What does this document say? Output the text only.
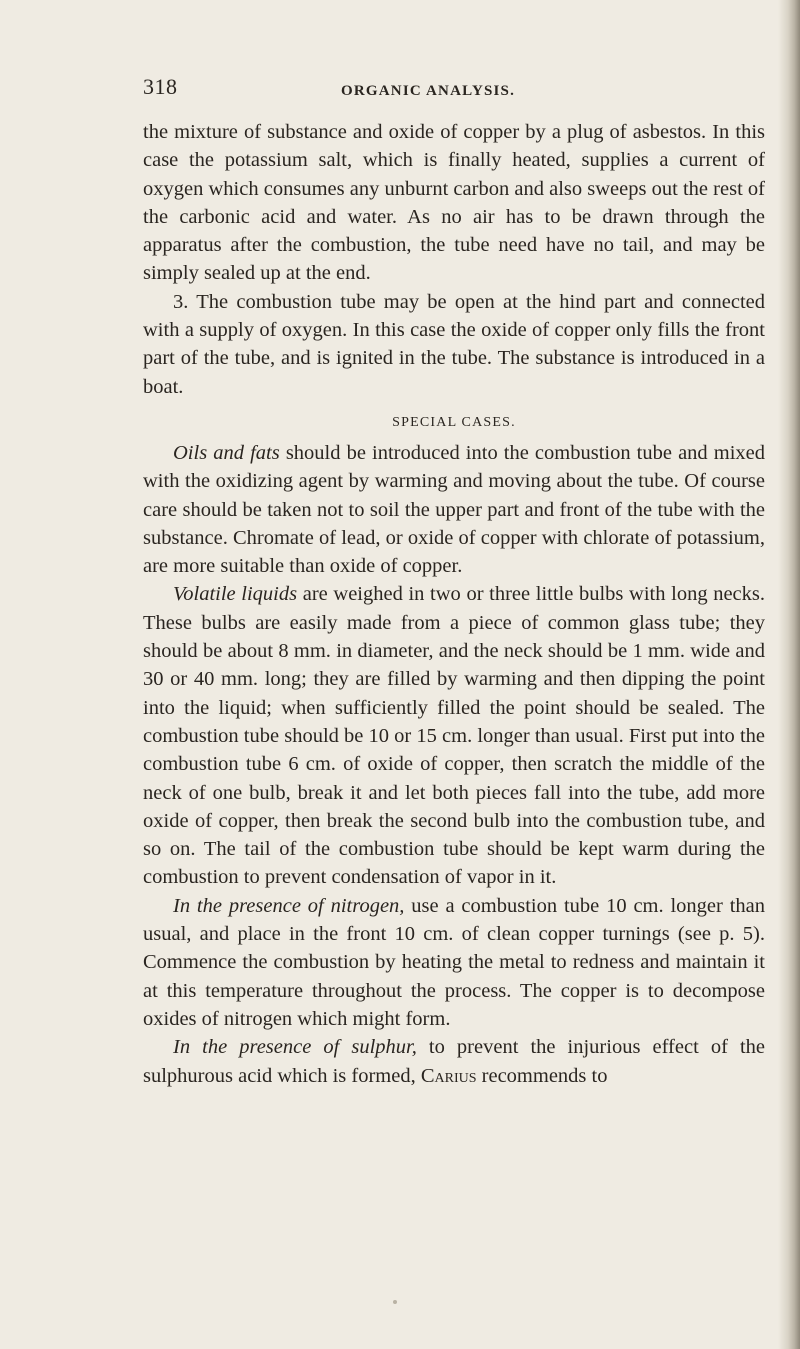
318	ORGANIC ANALYSIS.

the mixture of substance and oxide of copper by a plug of asbestos. In this case the potassium salt, which is finally heated, supplies a current of oxygen which consumes any unburnt carbon and also sweeps out the rest of the carbonic acid and water. As no air has to be drawn through the apparatus after the combustion, the tube need have no tail, and may be simply sealed up at the end.

3. The combustion tube may be open at the hind part and connected with a supply of oxygen. In this case the oxide of copper only fills the front part of the tube, and is ignited in the tube. The substance is introduced in a boat.

SPECIAL CASES.

Oils and fats should be introduced into the combustion tube and mixed with the oxidizing agent by warming and moving about the tube. Of course care should be taken not to soil the upper part and front of the tube with the substance. Chromate of lead, or oxide of copper with chlorate of potassium, are more suitable than oxide of copper.

Volatile liquids are weighed in two or three little bulbs with long necks. These bulbs are easily made from a piece of common glass tube; they should be about 8 mm. in diameter, and the neck should be 1 mm. wide and 30 or 40 mm. long; they are filled by warming and then dipping the point into the liquid; when sufficiently filled the point should be sealed. The combustion tube should be 10 or 15 cm. longer than usual. First put into the combustion tube 6 cm. of oxide of copper, then scratch the middle of the neck of one bulb, break it and let both pieces fall into the tube, add more oxide of copper, then break the second bulb into the combustion tube, and so on. The tail of the combustion tube should be kept warm during the combustion to prevent condensation of vapor in it.

In the presence of nitrogen, use a combustion tube 10 cm. longer than usual, and place in the front 10 cm. of clean copper turnings (see p. 5). Commence the combustion by heating the metal to redness and maintain it at this temperature throughout the process. The copper is to decompose oxides of nitrogen which might form.

In the presence of sulphur, to prevent the injurious effect of the sulphurous acid which is formed, Carius recommends to
